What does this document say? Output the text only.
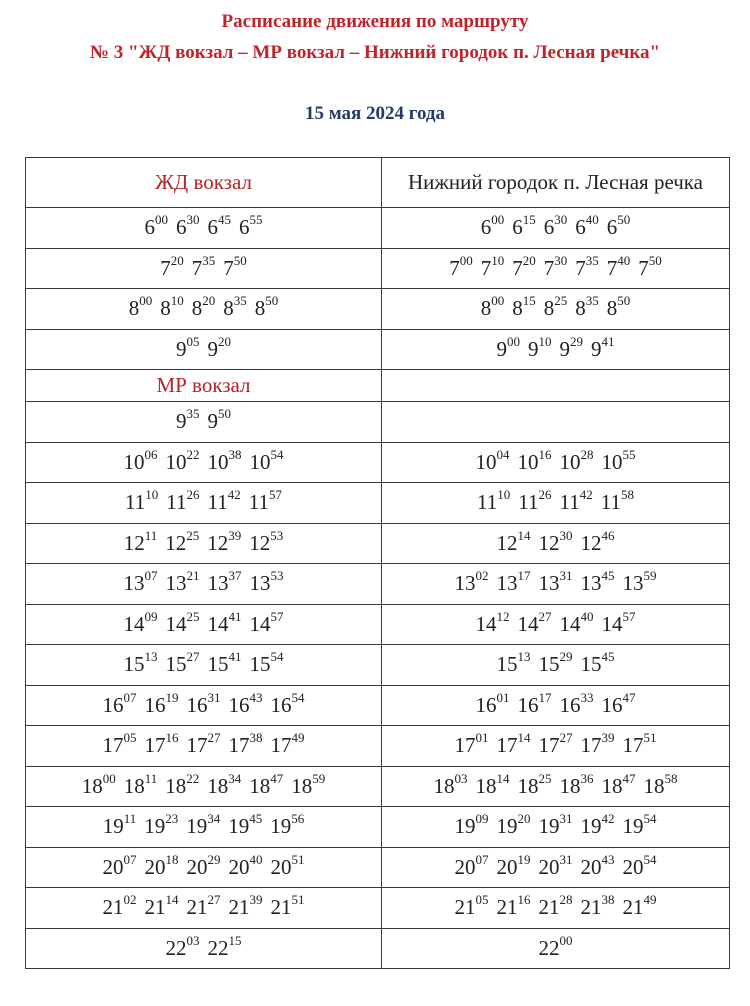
Расписание движения по маршруту
№ 3 "ЖД вокзал – МР вокзал – Нижний городок п. Лесная речка"
15 мая 2024 года
ЖД вокзал	Нижний городок п. Лесная речка
$6^{00}$ $6^{30}$ $6^{45}$ $6^{55}$	$6^{00}$ $6^{15}$ $6^{30}$ $6^{40}$ $6^{50}$
$7^{20}$ $7^{35}$ $7^{50}$	$7^{00}$ $7^{10}$ $7^{20}$ $7^{30}$ $7^{35}$ $7^{40}$ $7^{50}$
$8^{00}$ $8^{10}$ $8^{20}$ $8^{35}$ $8^{50}$	$8^{00}$ $8^{15}$ $8^{25}$ $8^{35}$ $8^{50}$
$9^{05}$ $9^{20}$	$9^{00}$ $9^{10}$ $9^{29}$ $9^{41}$
МР вокзал	
$9^{35}$ $9^{50}$	
$10^{06}$ $10^{22}$ $10^{38}$ $10^{54}$	$10^{04}$ $10^{16}$ $10^{28}$ $10^{55}$
$11^{10}$ $11^{26}$ $11^{42}$ $11^{57}$	$11^{10}$ $11^{26}$ $11^{42}$ $11^{58}$
$12^{11}$ $12^{25}$ $12^{39}$ $12^{53}$	$12^{14}$ $12^{30}$ $12^{46}$
$13^{07}$ $13^{21}$ $13^{37}$ $13^{53}$	$13^{02}$ $13^{17}$ $13^{31}$ $13^{45}$ $13^{59}$
$14^{09}$ $14^{25}$ $14^{41}$ $14^{57}$	$14^{12}$ $14^{27}$ $14^{40}$ $14^{57}$
$15^{13}$ $15^{27}$ $15^{41}$ $15^{54}$	$15^{13}$ $15^{29}$ $15^{45}$
$16^{07}$ $16^{19}$ $16^{31}$ $16^{43}$ $16^{54}$	$16^{01}$ $16^{17}$ $16^{33}$ $16^{47}$
$17^{05}$ $17^{16}$ $17^{27}$ $17^{38}$ $17^{49}$	$17^{01}$ $17^{14}$ $17^{27}$ $17^{39}$ $17^{51}$
$18^{00}$ $18^{11}$ $18^{22}$ $18^{34}$ $18^{47}$ $18^{59}$	$18^{03}$ $18^{14}$ $18^{25}$ $18^{36}$ $18^{47}$ $18^{58}$
$19^{11}$ $19^{23}$ $19^{34}$ $19^{45}$ $19^{56}$	$19^{09}$ $19^{20}$ $19^{31}$ $19^{42}$ $19^{54}$
$20^{07}$ $20^{18}$ $20^{29}$ $20^{40}$ $20^{51}$	$20^{07}$ $20^{19}$ $20^{31}$ $20^{43}$ $20^{54}$
$21^{02}$ $21^{14}$ $21^{27}$ $21^{39}$ $21^{51}$	$21^{05}$ $21^{16}$ $21^{28}$ $21^{38}$ $21^{49}$
$22^{03}$ $22^{15}$	$22^{00}$
